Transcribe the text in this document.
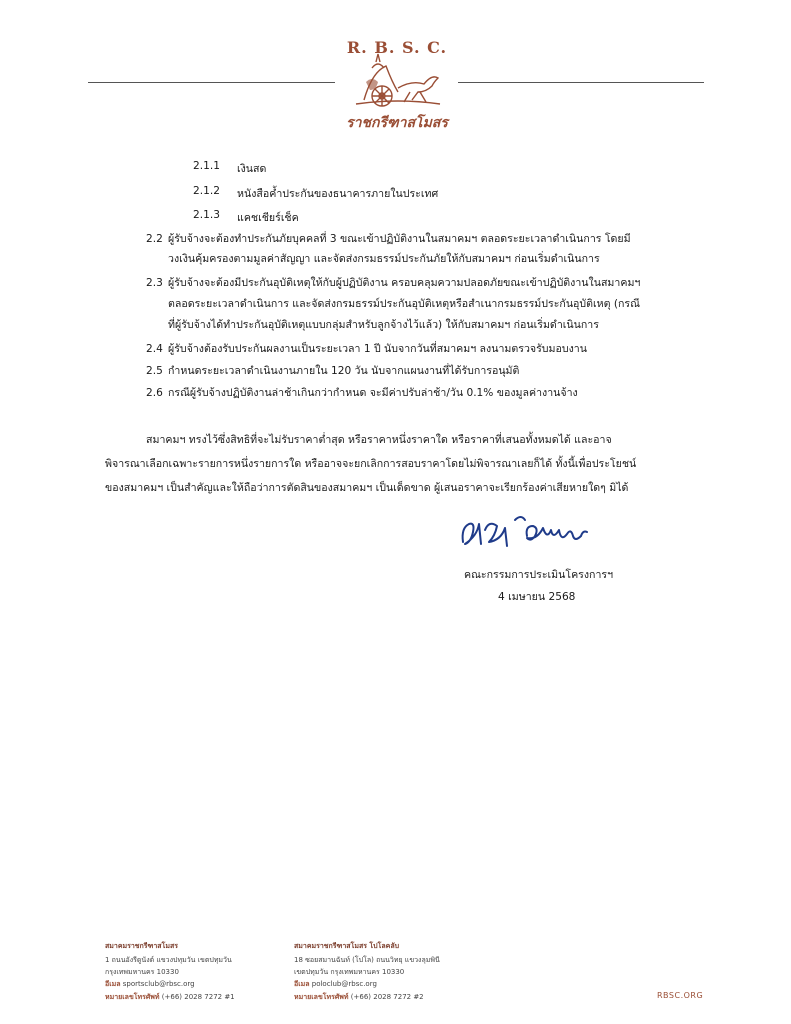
R. B. S. C.
ราชกรีฑาสโมสร
2.1.1 เงินสด
2.1.2 หนังสือค้ำประกันของธนาคารภายในประเทศ
2.1.3 แคชเชียร์เช็ค
2.2 ผู้รับจ้างจะต้องทำประกันภัยบุคคลที่ 3 ขณะเข้าปฏิบัติงานในสมาคมฯ ตลอดระยะเวลาดำเนินการ โดยมี
วงเงินคุ้มครองตามมูลค่าสัญญา และจัดส่งกรมธรรม์ประกันภัยให้กับสมาคมฯ ก่อนเริ่มดำเนินการ
2.3 ผู้รับจ้างจะต้องมีประกันอุบัติเหตุให้กับผู้ปฏิบัติงาน ครอบคลุมความปลอดภัยขณะเข้าปฏิบัติงานในสมาคมฯ
ตลอดระยะเวลาดำเนินการ และจัดส่งกรมธรรม์ประกันอุบัติเหตุหรือสำเนากรมธรรม์ประกันอุบัติเหตุ (กรณี
ที่ผู้รับจ้างได้ทำประกันอุบัติเหตุแบบกลุ่มสำหรับลูกจ้างไว้แล้ว) ให้กับสมาคมฯ ก่อนเริ่มดำเนินการ
2.4 ผู้รับจ้างต้องรับประกันผลงานเป็นระยะเวลา 1 ปี นับจากวันที่สมาคมฯ ลงนามตรวจรับมอบงาน
2.5 กำหนดระยะเวลาดำเนินงานภายใน 120 วัน นับจากแผนงานที่ได้รับการอนุมัติ
2.6 กรณีผู้รับจ้างปฏิบัติงานล่าช้าเกินกว่ากำหนด จะมีค่าปรับล่าช้า/วัน 0.1% ของมูลค่างานจ้าง
สมาคมฯ ทรงไว้ซึ่งสิทธิที่จะไม่รับราคาต่ำสุด หรือราคาหนึ่งราคาใด หรือราคาที่เสนอทั้งหมดได้ และอาจ
พิจารณาเลือกเฉพาะรายการหนึ่งรายการใด หรืออาจจะยกเลิกการสอบราคาโดยไม่พิจารณาเลยก็ได้ ทั้งนี้เพื่อประโยชน์
ของสมาคมฯ เป็นสำคัญและให้ถือว่าการตัดสินของสมาคมฯ เป็นเด็ดขาด ผู้เสนอราคาจะเรียกร้องค่าเสียหายใดๆ มิได้
คณะกรรมการประเมินโครงการฯ
4 เมษายน 2568
สมาคมราชกรีฑาสโมสร
1 ถนนอังรีดูนังต์ แขวงปทุมวัน เขตปทุมวัน
กรุงเทพมหานคร 10330
อีเมล sportsclub@rbsc.org
หมายเลขโทรศัพท์ (+66) 2028 7272 #1
สมาคมราชกรีฑาสโมสร โปโลคลับ
18 ซอยสมานฉันท์ (โปโล) ถนนวิทยุ แขวงลุมพินี
เขตปทุมวัน กรุงเทพมหานคร 10330
อีเมล poloclub@rbsc.org
หมายเลขโทรศัพท์ (+66) 2028 7272 #2	RBSC.ORG
